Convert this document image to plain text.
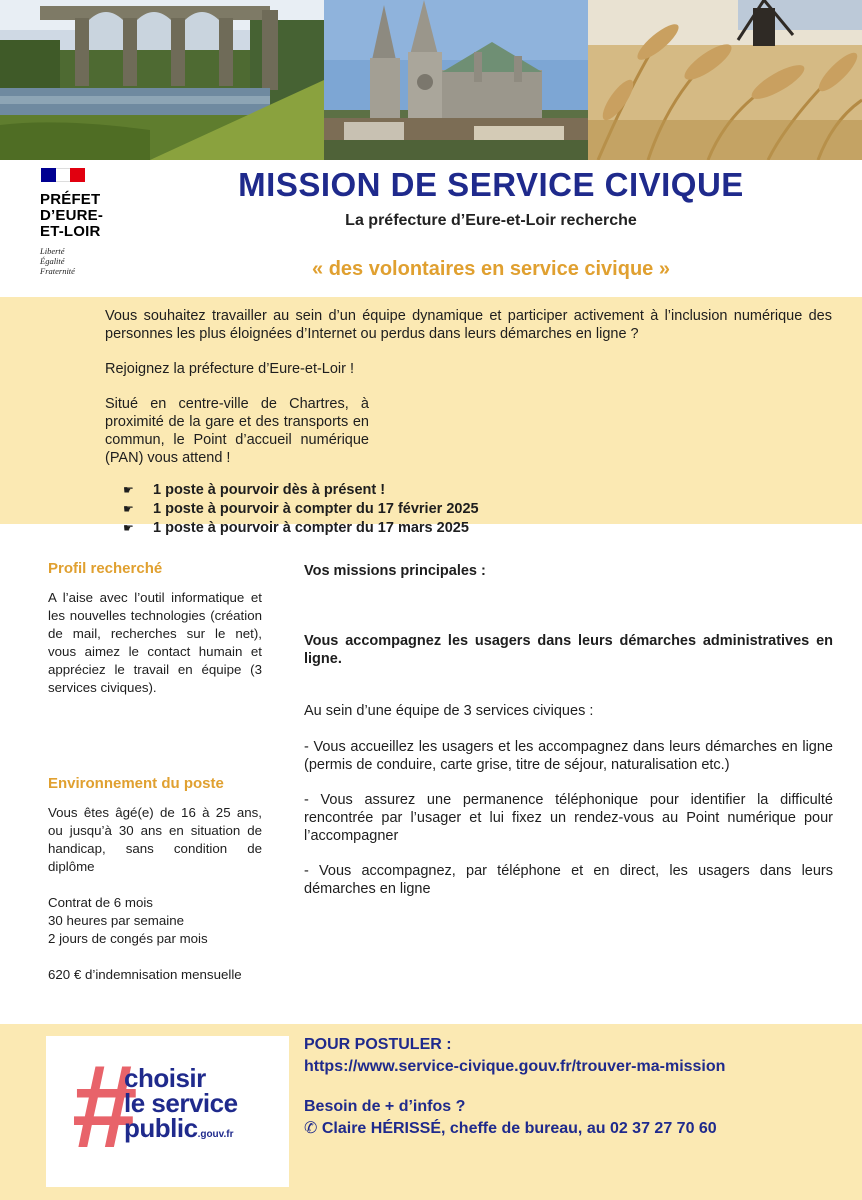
PRÉFET
D’EURE-
ET-LOIR
Liberté
Égalité
Fraternité
MISSION DE SERVICE CIVIQUE
La préfecture d’Eure-et-Loir recherche
« des volontaires en service civique »

Vous souhaitez travailler au sein d’un équipe dynamique et participer activement à l’inclusion numérique des personnes les plus éloignées d’Internet ou perdus dans leurs démarches en ligne ?

Rejoignez la préfecture d’Eure-et-Loir !

Situé en centre-ville de Chartres, à proximité de la gare et des transports en commun, le Point d’accueil numérique (PAN) vous attend !

☛	1 poste à pourvoir dès à présent !
☛	1 poste à pourvoir à compter du 17 février 2025
☛	1 poste à pourvoir à compter du 17 mars 2025
Profil recherché

A l’aise avec l’outil informatique et les nouvelles technologies (création de mail, recherches sur le net), vous aimez le contact humain et appréciez le travail en équipe (3 services civiques).

Environnement du poste

Vous êtes âgé(e) de 16 à 25 ans, ou jusqu’à 30 ans en situation de handicap, sans condition de diplôme

Contrat de 6 mois
30 heures par semaine
2 jours de congés par mois
620 € d’indemnisation mensuelle

Vos missions principales :

Vous accompagnez les usagers dans leurs démarches administratives en ligne.

Au sein d’une équipe de 3 services civiques :

- Vous accueillez les usagers et les accompagnez dans leurs démarches en ligne (permis de conduire, carte grise, titre de séjour, naturalisation etc.)

- Vous assurez une permanence téléphonique pour identifier la difficulté rencontrée par l’usager et lui fixez un rendez-vous au Point numérique pour l’accompagner

- Vous accompagnez, par téléphone et en direct, les usagers dans leurs démarches en ligne

#
choisir
le service
public.gouv.fr
POUR POSTULER :
https://www.service-civique.gouv.fr/trouver-ma-mission
Besoin de + d’infos ?
✆ Claire HÉRISSÉ, cheffe de bureau, au 02 37 27 70 60
